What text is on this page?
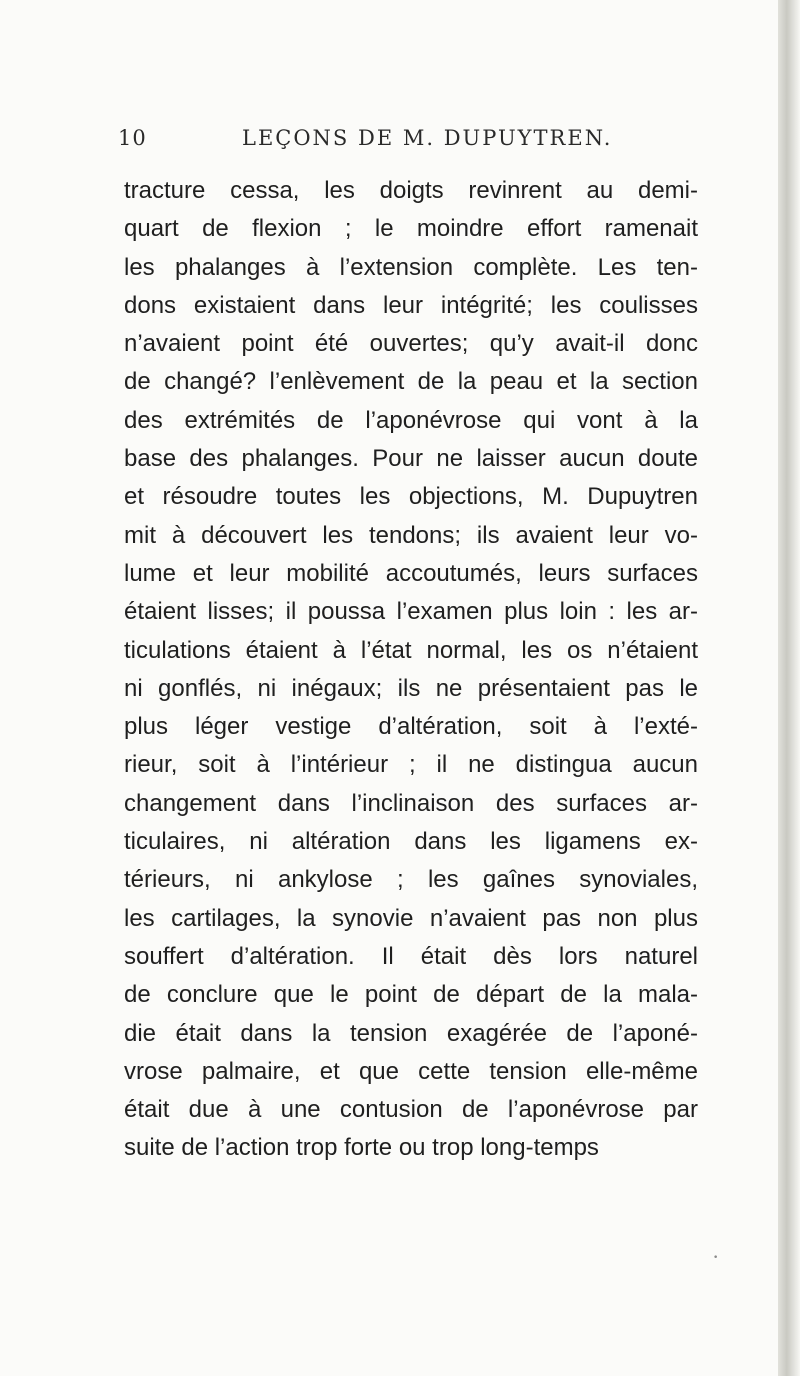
10	LEÇONS DE M. DUPUYTREN.
tracture cessa, les doigts revinrent au demi-
quart de flexion ; le moindre effort ramenait
les phalanges à l’extension complète. Les ten-
dons existaient dans leur intégrité; les coulisses
n’avaient point été ouvertes; qu’y avait-il donc
de changé? l’enlèvement de la peau et la section
des extrémités de l’aponévrose qui vont à la
base des phalanges. Pour ne laisser aucun doute
et résoudre toutes les objections, M. Dupuytren
mit à découvert les tendons; ils avaient leur vo-
lume et leur mobilité accoutumés, leurs surfaces
étaient lisses; il poussa l’examen plus loin : les ar-
ticulations étaient à l’état normal, les os n’étaient
ni gonflés, ni inégaux; ils ne présentaient pas le
plus léger vestige d’altération, soit à l’exté-
rieur, soit à l’intérieur ; il ne distingua aucun
changement dans l’inclinaison des surfaces ar-
ticulaires, ni altération dans les ligamens ex-
térieurs, ni ankylose ; les gaînes synoviales,
les cartilages, la synovie n’avaient pas non plus
souffert d’altération. Il était dès lors naturel
de conclure que le point de départ de la mala-
die était dans la tension exagérée de l’aponé-
vrose palmaire, et que cette tension elle-même
était due à une contusion de l’aponévrose par
suite de l’action trop forte ou trop long-temps
•
